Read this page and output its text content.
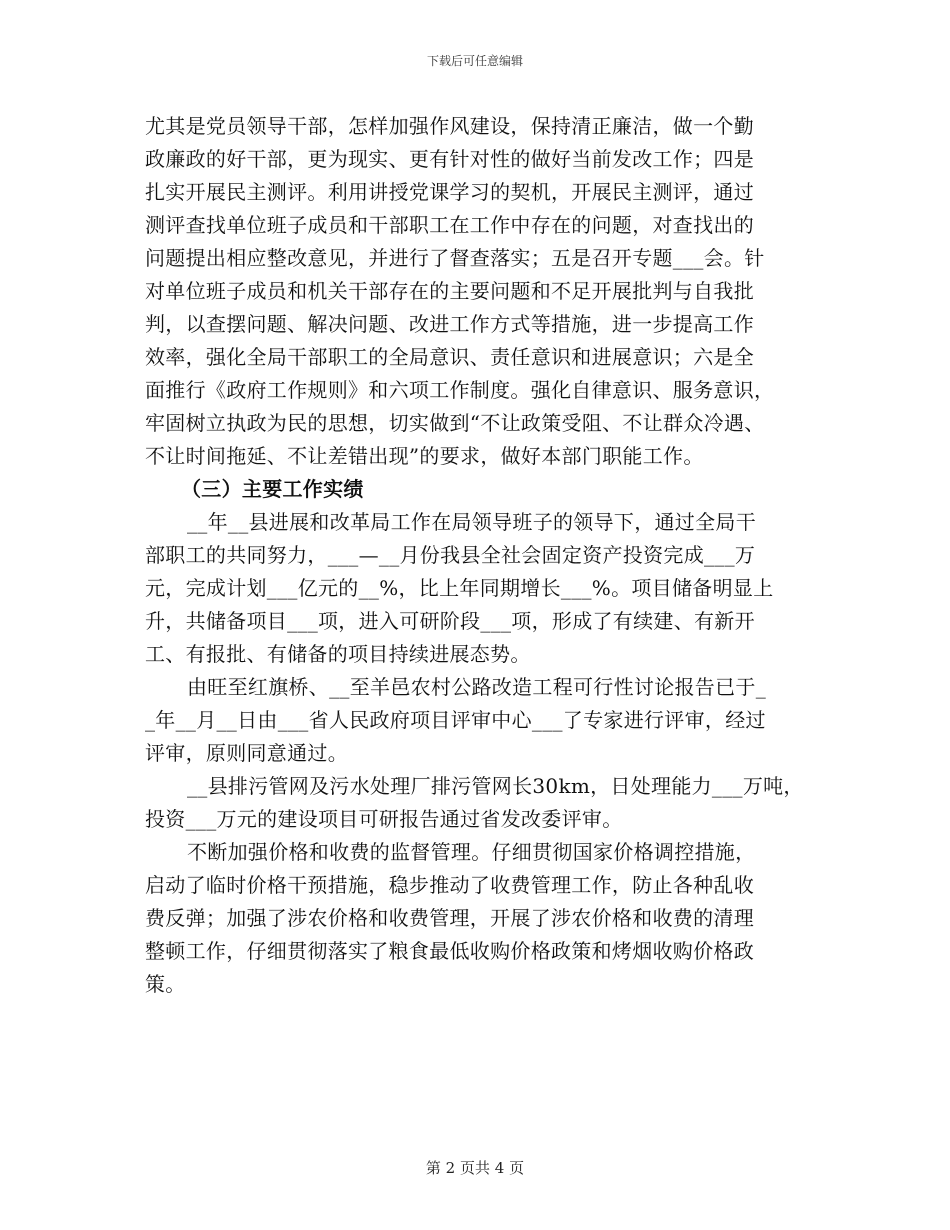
下载后可任意编辑
尤其是党员领导干部，怎样加强作风建设，保持清正廉洁，做一个勤
政廉政的好干部，更为现实、更有针对性的做好当前发改工作；四是
扎实开展民主测评。利用讲授党课学习的契机，开展民主测评，通过
测评查找单位班子成员和干部职工在工作中存在的问题，对查找出的
问题提出相应整改意见，并进行了督查落实；五是召开专题___会。针
对单位班子成员和机关干部存在的主要问题和不足开展批判与自我批
判，以查摆问题、解决问题、改进工作方式等措施，进一步提高工作
效率，强化全局干部职工的全局意识、责任意识和进展意识；六是全
面推行《政府工作规则》和六项工作制度。强化自律意识、服务意识，
牢固树立执政为民的思想，切实做到“不让政策受阻、不让群众冷遇、
不让时间拖延、不让差错出现”的要求，做好本部门职能工作。
（三）主要工作实绩
__年__县进展和改革局工作在局领导班子的领导下，通过全局干
部职工的共同努力，___—__月份我县全社会固定资产投资完成___万
元，完成计划___亿元的__%，比上年同期增长___%。项目储备明显上
升，共储备项目___项，进入可研阶段___项，形成了有续建、有新开
工、有报批、有储备的项目持续进展态势。
由旺至红旗桥、__至羊邑农村公路改造工程可行性讨论报告已于_
_年__月__日由___省人民政府项目评审中心___了专家进行评审，经过
评审，原则同意通过。
__县排污管网及污水处理厂排污管网长30km，日处理能力___万吨，
投资___万元的建设项目可研报告通过省发改委评审。
不断加强价格和收费的监督管理。仔细贯彻国家价格调控措施，
启动了临时价格干预措施，稳步推动了收费管理工作，防止各种乱收
费反弹；加强了涉农价格和收费管理，开展了涉农价格和收费的清理
整顿工作，仔细贯彻落实了粮食最低收购价格政策和烤烟收购价格政
策。
第 2 页共 4 页
